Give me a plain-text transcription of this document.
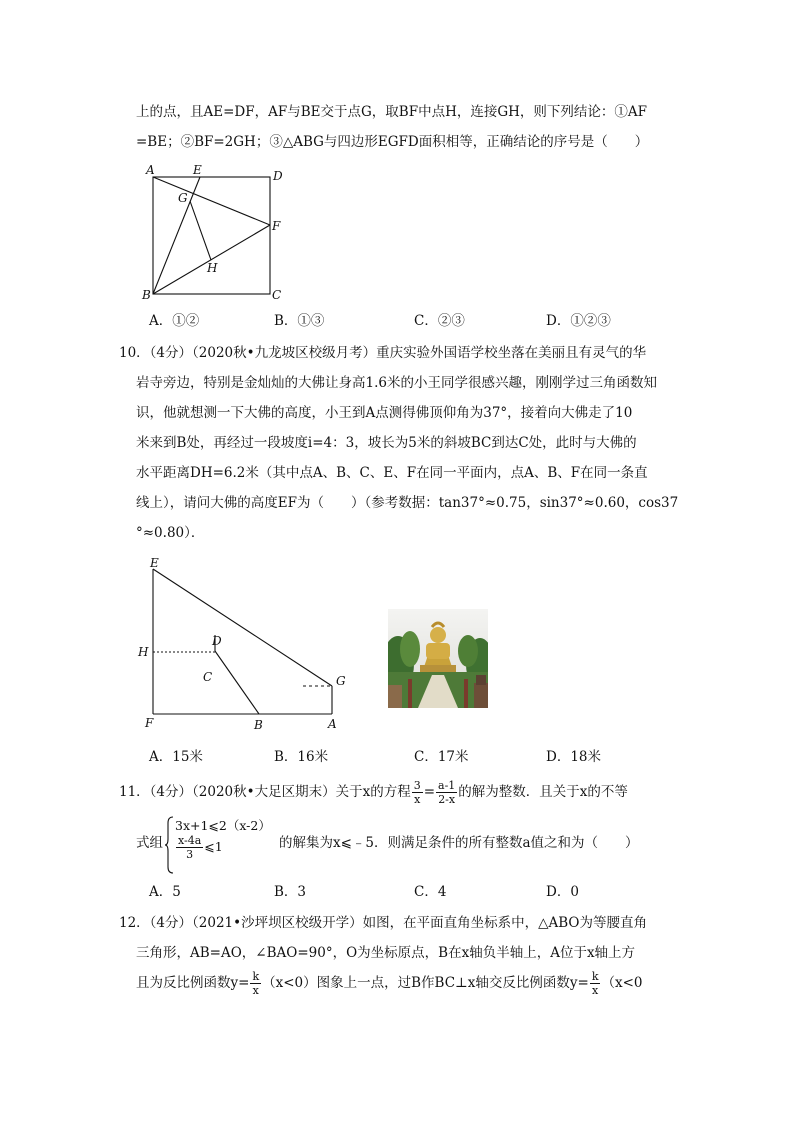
上的点，且AE=DF，AF与BE交于点G，取BF中点H，连接GH，则下列结论：①AF
=BE；②BF=2GH；③△ABG与四边形EGFD面积相等，正确结论的序号是（　　）
A	E	D
G
F
H
B	C
A．①②	B．①③	C．②③	D．①②③
10．（4分）（2020秋•九龙坡区校级月考）重庆实验外国语学校坐落在美丽且有灵气的华
岩寺旁边，特别是金灿灿的大佛让身高1.6米的小王同学很感兴趣，刚刚学过三角函数知
识，他就想测一下大佛的高度，小王到A点测得佛顶仰角为37°，接着向大佛走了10
米来到B处，再经过一段坡度i=4：3，坡长为5米的斜坡BC到达C处，此时与大佛的
水平距离DH=6.2米（其中点A、B、C、E、F在同一平面内，点A、B、F在同一条直
线上），请问大佛的高度EF为（　　）（参考数据：tan37°≈0.75，sin37°≈0.60，cos37
°≈0.80）．
E
H
D
C	G
F	B	A
A．15米	B．16米	C．17米	D．18米
11．（4分）（2020秋•大足区期末）关于x的方程 $\frac{3}{x} = \frac{a-1}{2-x}$ 的解为整数．且关于x的不等
式组
3x+1⩽2（x-2）
$\frac{x-4a}{3}$ ⩽1	的解集为x⩽﹣5．则满足条件的所有整数a值之和为（　　）
A．5	B．3	C．4	D．0
12．（4分）（2021•沙坪坝区校级开学）如图，在平面直角坐标系中，△ABO为等腰直角
三角形，AB=AO，∠BAO=90°，O为坐标原点，B在x轴负半轴上，A位于x轴上方
且为反比例函数$y= \frac{k}{x} (x<0)$图象上一点，过B作BC⊥x轴交反比例函数$y= \frac{k}{x} (x<0$
